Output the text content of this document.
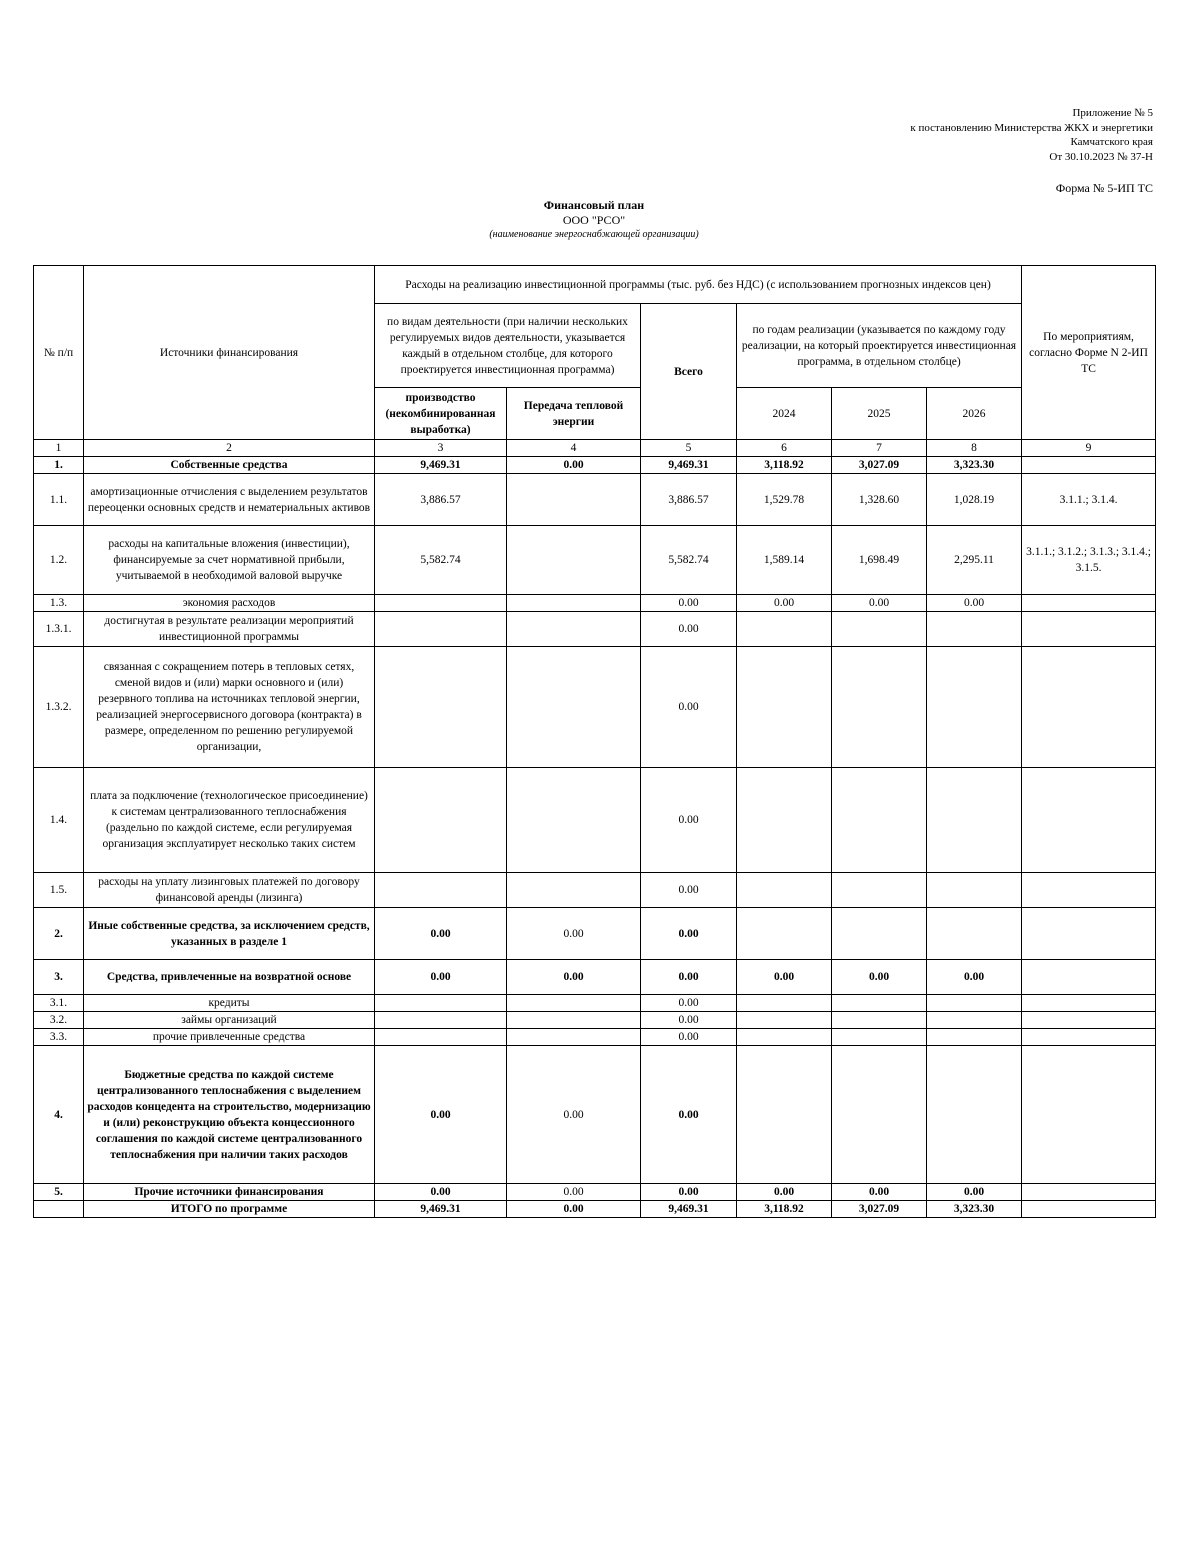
Приложение № 5
к постановлению Министерства ЖКХ и энергетики
Камчатского края
От 30.10.2023 № 37-Н
Форма № 5-ИП ТС
Финансовый план
ООО "РСО"
(наименование энергоснабжающей организации)
№ п/п	Источники финансирования	Расходы на реализацию инвестиционной программы (тыс. руб. без НДС) (с использованием прогнозных индексов цен)						По мероприятиям, согласно Форме N 2-ИП ТС
		по видам деятельности (при наличии нескольких регулируемых видов деятельности, указывается каждый в отдельном столбце, для которого проектируется инвестиционная программа)		Всего	по годам реализации (указывается по каждому году реализации, на который проектируется инвестиционная программа, в отдельном столбце)			
		производство (некомбинированная выработка)	Передача тепловой энергии		2024	2025	2026	
1	2	3	4	5	6	7	8	9
1.	Собственные средства	9,469.31	0.00	9,469.31	3,118.92	3,027.09	3,323.30	
1.1.	амортизационные отчисления с выделением результатов переоценки основных средств и нематериальных активов	3,886.57		3,886.57	1,529.78	1,328.60	1,028.19	3.1.1.; 3.1.4.
1.2.	расходы на капитальные вложения (инвестиции), финансируемые за счет нормативной прибыли, учитываемой в необходимой валовой выручке	5,582.74		5,582.74	1,589.14	1,698.49	2,295.11	3.1.1.; 3.1.2.; 3.1.3.; 3.1.4.; 3.1.5.
1.3.	экономия расходов			0.00	0.00	0.00	0.00	
1.3.1.	достигнутая в результате реализации мероприятий инвестиционной программы			0.00				
1.3.2.	связанная с сокращением потерь в тепловых сетях, сменой видов и (или) марки основного и (или) резервного топлива на источниках тепловой энергии, реализацией энергосервисного договора (контракта) в размере, определенном по решению регулируемой организации,			0.00				
1.4.	плата за подключение (технологическое присоединение) к системам централизованного теплоснабжения (раздельно по каждой системе, если регулируемая организация эксплуатирует несколько таких систем			0.00				
1.5.	расходы на уплату лизинговых платежей по договору финансовой аренды (лизинга)			0.00				
2.	Иные собственные средства, за исключением средств, указанных в разделе 1	0.00	0.00	0.00				
3.	Средства, привлеченные на возвратной основе	0.00	0.00	0.00	0.00	0.00	0.00	
3.1.	кредиты			0.00				
3.2.	займы организаций			0.00				
3.3.	прочие привлеченные средства			0.00				
4.	Бюджетные средства по каждой системе централизованного теплоснабжения с выделением расходов концедента на строительство, модернизацию и (или) реконструкцию объекта концессионного соглашения по каждой системе централизованного теплоснабжения при наличии таких расходов	0.00	0.00	0.00				
5.	Прочие источники финансирования	0.00	0.00	0.00	0.00	0.00	0.00	
	ИТОГО по программе	9,469.31	0.00	9,469.31	3,118.92	3,027.09	3,323.30	
